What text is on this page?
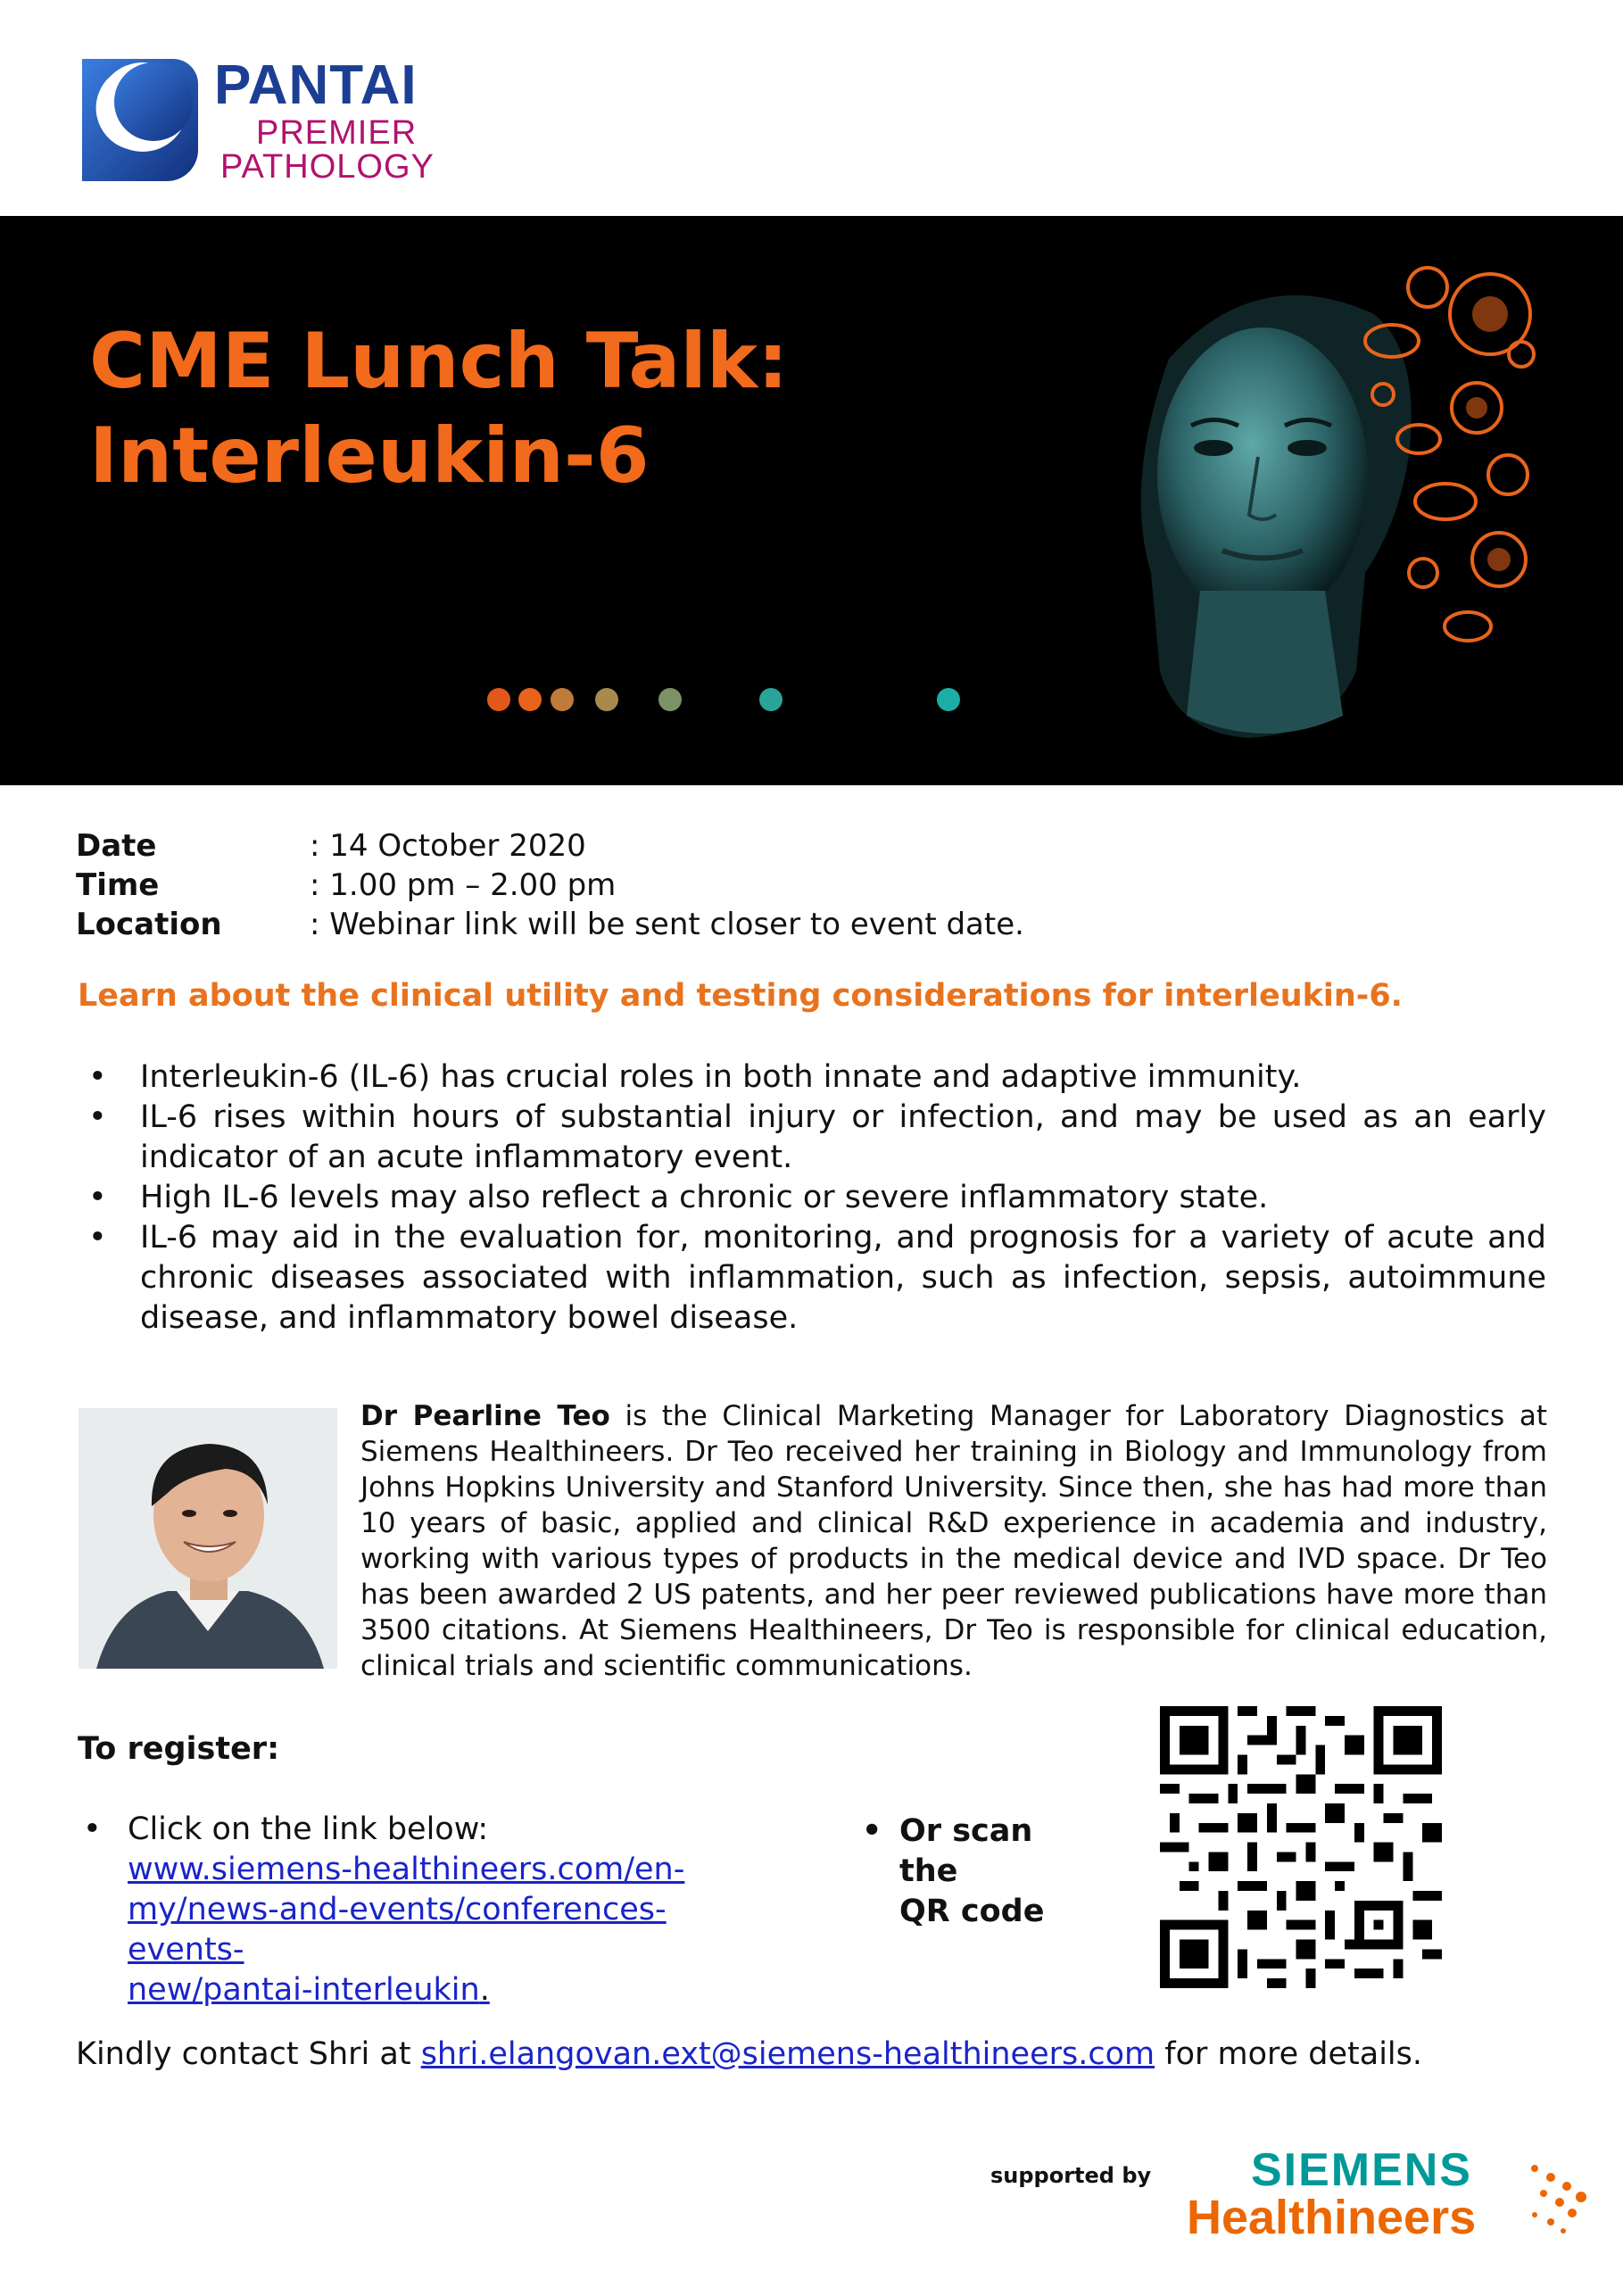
PANTAI
PREMIER
PATHOLOGY
CME Lunch Talk:
Interleukin-6
Date	: 14 October 2020
Time	: 1.00 pm – 2.00 pm
Location	: Webinar link will be sent closer to event date.
Learn about the clinical utility and testing considerations for interleukin-6.
• Interleukin-6 (IL-6) has crucial roles in both innate and adaptive immunity.
• IL-6 rises within hours of substantial injury or infection, and may be used as an early indicator of an acute inflammatory event.
• High IL-6 levels may also reflect a chronic or severe inflammatory state.
• IL-6 may aid in the evaluation for, monitoring, and prognosis for a variety of acute and chronic diseases associated with inflammation, such as infection, sepsis, autoimmune disease, and inflammatory bowel disease.

Dr Pearline Teo is the Clinical Marketing Manager for Laboratory Diagnostics at Siemens Healthineers. Dr Teo received her training in Biology and Immunology from Johns Hopkins University and Stanford University. Since then, she has had more than 10 years of basic, applied and clinical R&D experience in academia and industry, working with various types of products in the medical device and IVD space. Dr Teo has been awarded 2 US patents, and her peer reviewed publications have more than 3500 citations. At Siemens Healthineers, Dr Teo is responsible for clinical education, clinical trials and scientific communications.

To register:
• Click on the link below:
www.siemens-healthineers.com/en-
my/news-and-events/conferences-events-
new/pantai-interleukin.
• Or scan the
QR code
Kindly contact Shri at shri.elangovan.ext@siemens-healthineers.com for more details.
supported by SIEMENS
Healthineers
